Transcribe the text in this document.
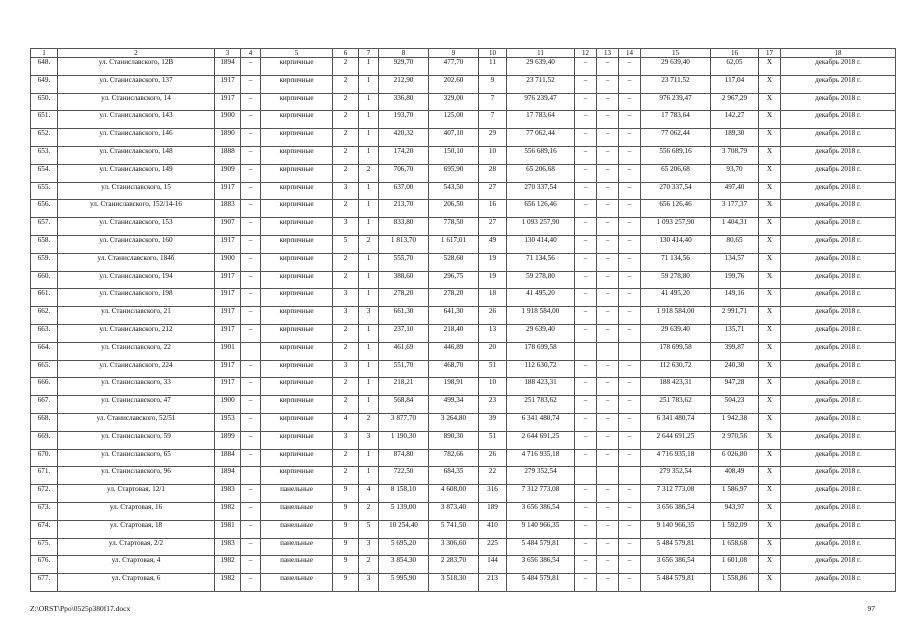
1	2	3	4	5	6	7	8	9	10	11	12	13	14	15	16	17	18
648.	ул. Станиславского, 12В	1894	–	кирпичные	2	1	929,70	477,70	11	29 639,40	–	–	–	29 639,40	62,05	Х	декабрь 2018 г.
649.	ул. Станиславского, 137	1917	–	кирпичные	2	1	212,90	202,60	9	23 711,52	–	–	–	23 711,52	117,04	Х	декабрь 2018 г.
650.	ул. Станиславского, 14	1917	–	кирпичные	2	1	336,80	329,00	7	976 239,47	–	–	–	976 239,47	2 967,29	Х	декабрь 2018 г.
651.	ул. Станиславского, 143	1900	–	кирпичные	2	1	193,70	125,00	7	17 783,64	–	–	–	17 783,64	142,27	Х	декабрь 2018 г.
652.	ул. Станиславского, 146	1890	–	кирпичные	2	1	420,32	407,10	29	77 062,44	–	–	–	77 062,44	189,30	Х	декабрь 2018 г.
653.	ул. Станиславского, 148	1888	–	кирпичные	2	1	174,20	150,10	10	556 689,16	–	–	–	556 689,16	3 708,79	Х	декабрь 2018 г.
654.	ул. Станиславского, 149	1909	–	кирпичные	2	2	706,70	695,90	28	65 206,68	–	–	–	65 206,68	93,70	Х	декабрь 2018 г.
655.	ул. Станиславского, 15	1917	–	кирпичные	3	1	637,00	543,50	27	270 337,54	–	–	–	270 337,54	497,40	Х	декабрь 2018 г.
656.	ул. Станиславского, 152/14-16	1883	–	кирпичные	2	1	213,70	206,50	16	656 126,46	–	–	–	656 126,46	3 177,37	Х	декабрь 2018 г.
657.	ул. Станиславского, 153	1907	–	кирпичные	3	1	833,80	778,50	27	1 093 257,90	–	–	–	1 093 257,90	1 404,31	Х	декабрь 2018 г.
658.	ул. Станиславского, 160	1917	–	кирпичные	5	2	1 813,70	1 617,01	49	130 414,40	–	–	–	130 414,40	80,65	Х	декабрь 2018 г.
659.	ул. Станиславского, 184б	1900	–	кирпичные	2	1	555,70	528,60	19	71 134,56	–	–	–	71 134,56	134,57	Х	декабрь 2018 г.
660.	ул. Станиславского, 194	1917	–	кирпичные	2	1	388,60	296,75	19	59 278,80	–	–	–	59 278,80	199,76	Х	декабрь 2018 г.
661.	ул. Станиславского, 198	1917	–	кирпичные	3	1	278,20	278,20	18	41 495,20	–	–	–	41 495,20	149,16	Х	декабрь 2018 г.
662.	ул. Станиславского, 21	1917	–	кирпичные	3	3	661,30	641,30	26	1 918 584,00	–	–	–	1 918 584,00	2 991,71	Х	декабрь 2018 г.
663.	ул. Станиславского, 212	1917	–	кирпичные	2	1	237,10	218,40	13	29 639,40	–	–	–	29 639,40	135,71	Х	декабрь 2018 г.
664.	ул. Станиславского, 22	1901		кирпичные	2	1	461,69	446,89	20	178 699,58				178 699,58	399,87	Х	декабрь 2018 г.
665.	ул. Станиславского, 224	1917	–	кирпичные	3	1	551,70	468,70	51	112 630,72	–	–	–	112 630,72	240,30	Х	декабрь 2018 г.
666.	ул. Станиславского, 33	1917	–	кирпичные	2	1	218,21	198,91	10	188 423,31	–	–	–	188 423,31	947,28	Х	декабрь 2018 г.
667.	ул. Станиславского, 47	1900	–	кирпичные	2	1	568,84	499,34	23	251 783,62	–	–	–	251 783,62	504,23	Х	декабрь 2018 г.
668.	ул. Станиславского, 52/51	1953	–	кирпичные	4	2	3 877,70	3 264,80	39	6 341 480,74	–	–	–	6 341 480,74	1 942,38	Х	декабрь 2018 г.
669.	ул. Станиславского, 59	1899	–	кирпичные	3	3	1 190,30	890,30	51	2 644 691,25	–	–	–	2 644 691,25	2 970,56	Х	декабрь 2018 г.
670.	ул. Станиславского, 65	1884	–	кирпичные	2	1	874,80	782,66	26	4 716 935,18	–	–	–	4 716 935,18	6 026,80	Х	декабрь 2018 г.
671.	ул. Станиславского, 96	1894		кирпичные	2	1	722,50	684,35	22	279 352,54				279 352,54	408,49	Х	декабрь 2018 г.
672.	ул. Стартовая, 12/1	1983	–	панельные	9	4	8 158,10	4 608,00	316	7 312 773,08	–	–	–	7 312 773,08	1 586,97	Х	декабрь 2018 г.
673.	ул. Стартовая, 16	1982	–	панельные	9	2	5 139,00	3 873,40	189	3 656 386,54	–	–	–	3 656 386,54	943,97	Х	декабрь 2018 г.
674.	ул. Стартовая, 18	1981	–	панельные	9	5	10 254,40	5 741,50	410	9 140 966,35	–	–	–	9 140 966,35	1 592,09	Х	декабрь 2018 г.
675.	ул. Стартовая, 2/2	1983	–	панельные	9	3	5 695,20	3 306,60	225	5 484 579,81	–	–	–	5 484 579,81	1 658,68	Х	декабрь 2018 г.
676.	ул. Стартовая, 4	1982	–	панельные	9	2	3 854,30	2 283,70	144	3 656 386,54	–	–	–	3 656 386,54	1 601,08	Х	декабрь 2018 г.
677.	ул. Стартовая, 6	1982	–	панельные	9	3	5 995,90	3 518,30	213	5 484 579,81	–	–	–	5 484 579,81	1 558,86	Х	декабрь 2018 г.
Z:\ORST\Ppo\0525p380f17.docx	97
